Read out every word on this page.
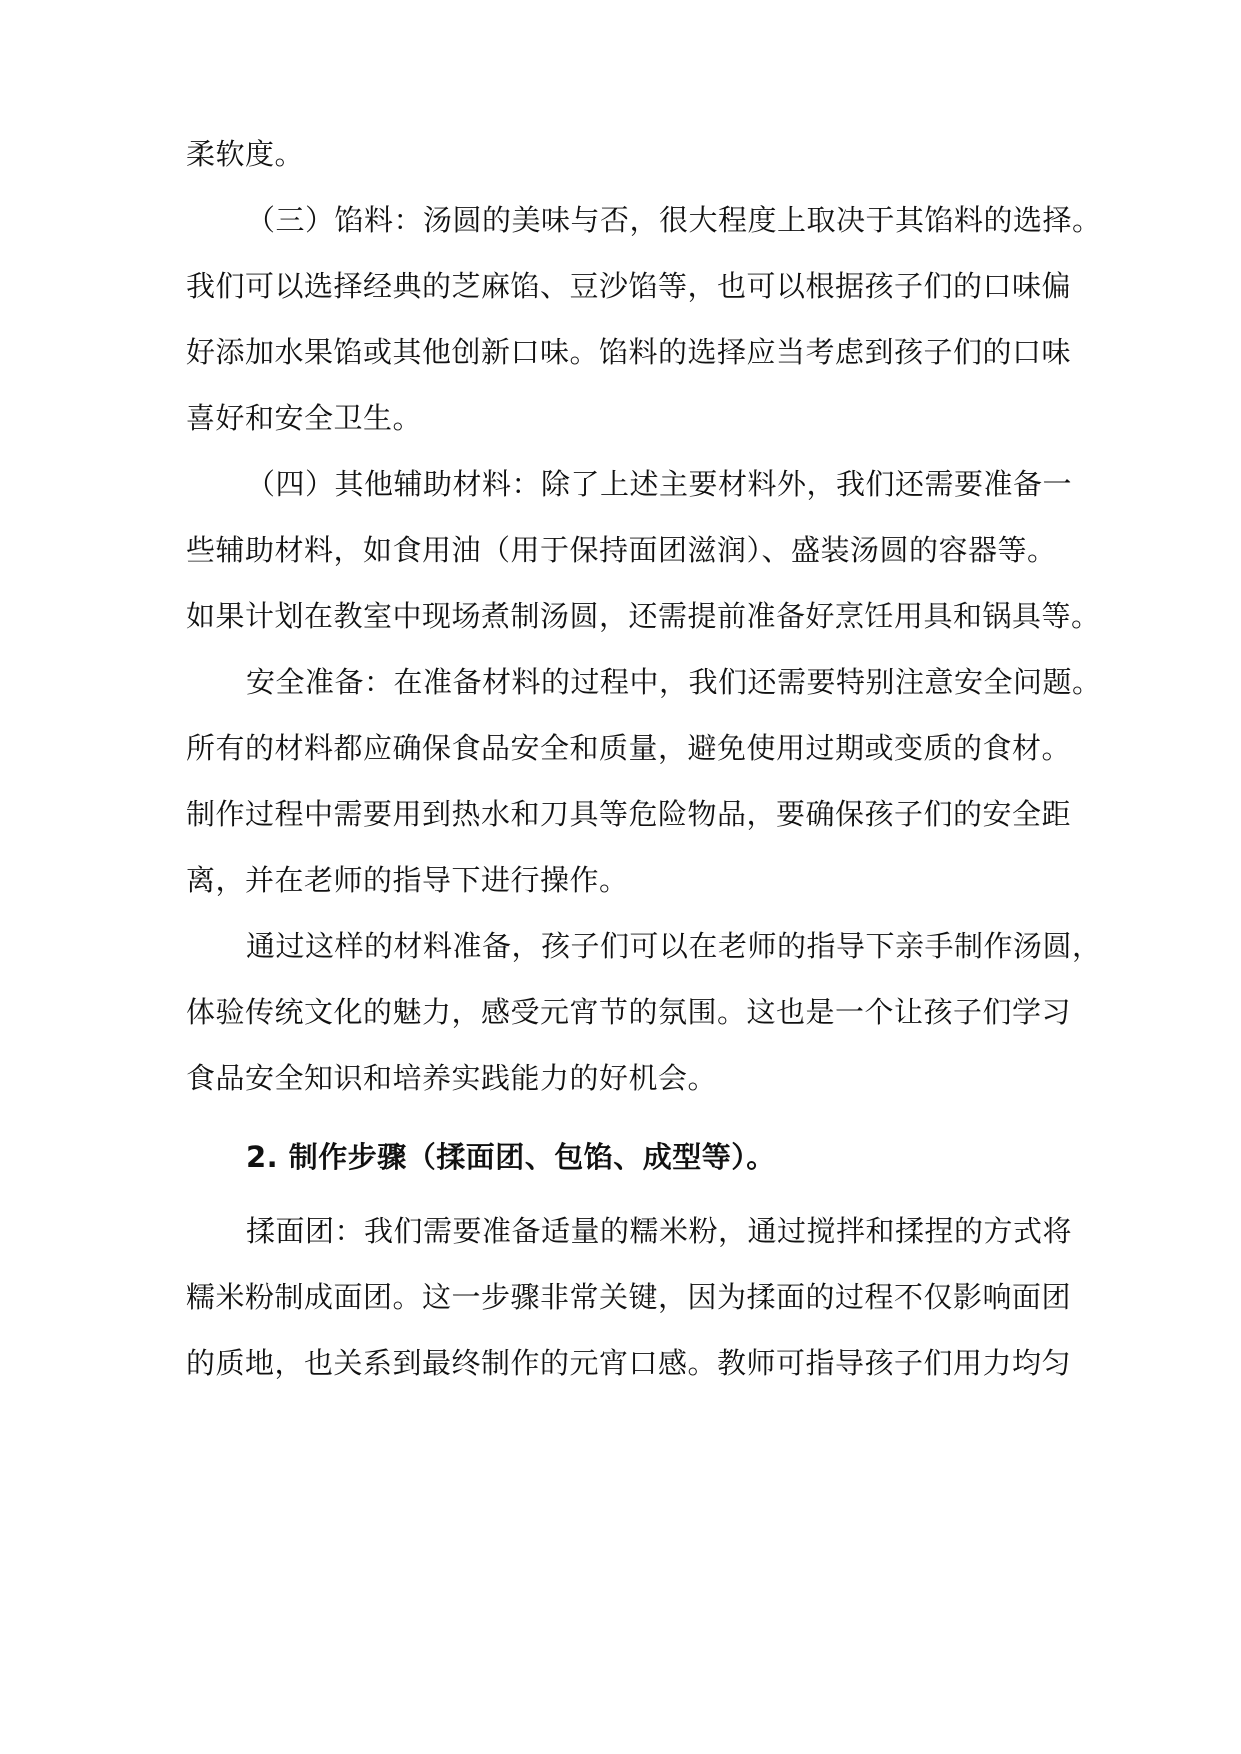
柔软度。
（三）馅料：汤圆的美味与否，很大程度上取决于其馅料的选择。
我们可以选择经典的芝麻馅、豆沙馅等，也可以根据孩子们的口味偏
好添加水果馅或其他创新口味。馅料的选择应当考虑到孩子们的口味
喜好和安全卫生。
（四）其他辅助材料：除了上述主要材料外，我们还需要准备一
些辅助材料，如食用油（用于保持面团滋润）、盛装汤圆的容器等。
如果计划在教室中现场煮制汤圆，还需提前准备好烹饪用具和锅具等。
安全准备：在准备材料的过程中，我们还需要特别注意安全问题。
所有的材料都应确保食品安全和质量，避免使用过期或变质的食材。
制作过程中需要用到热水和刀具等危险物品，要确保孩子们的安全距
离，并在老师的指导下进行操作。
通过这样的材料准备，孩子们可以在老师的指导下亲手制作汤圆，
体验传统文化的魅力，感受元宵节的氛围。这也是一个让孩子们学习
食品安全知识和培养实践能力的好机会。
2. 制作步骤（揉面团、包馅、成型等）。
揉面团：我们需要准备适量的糯米粉，通过搅拌和揉捏的方式将
糯米粉制成面团。这一步骤非常关键，因为揉面的过程不仅影响面团
的质地，也关系到最终制作的元宵口感。教师可指导孩子们用力均匀
